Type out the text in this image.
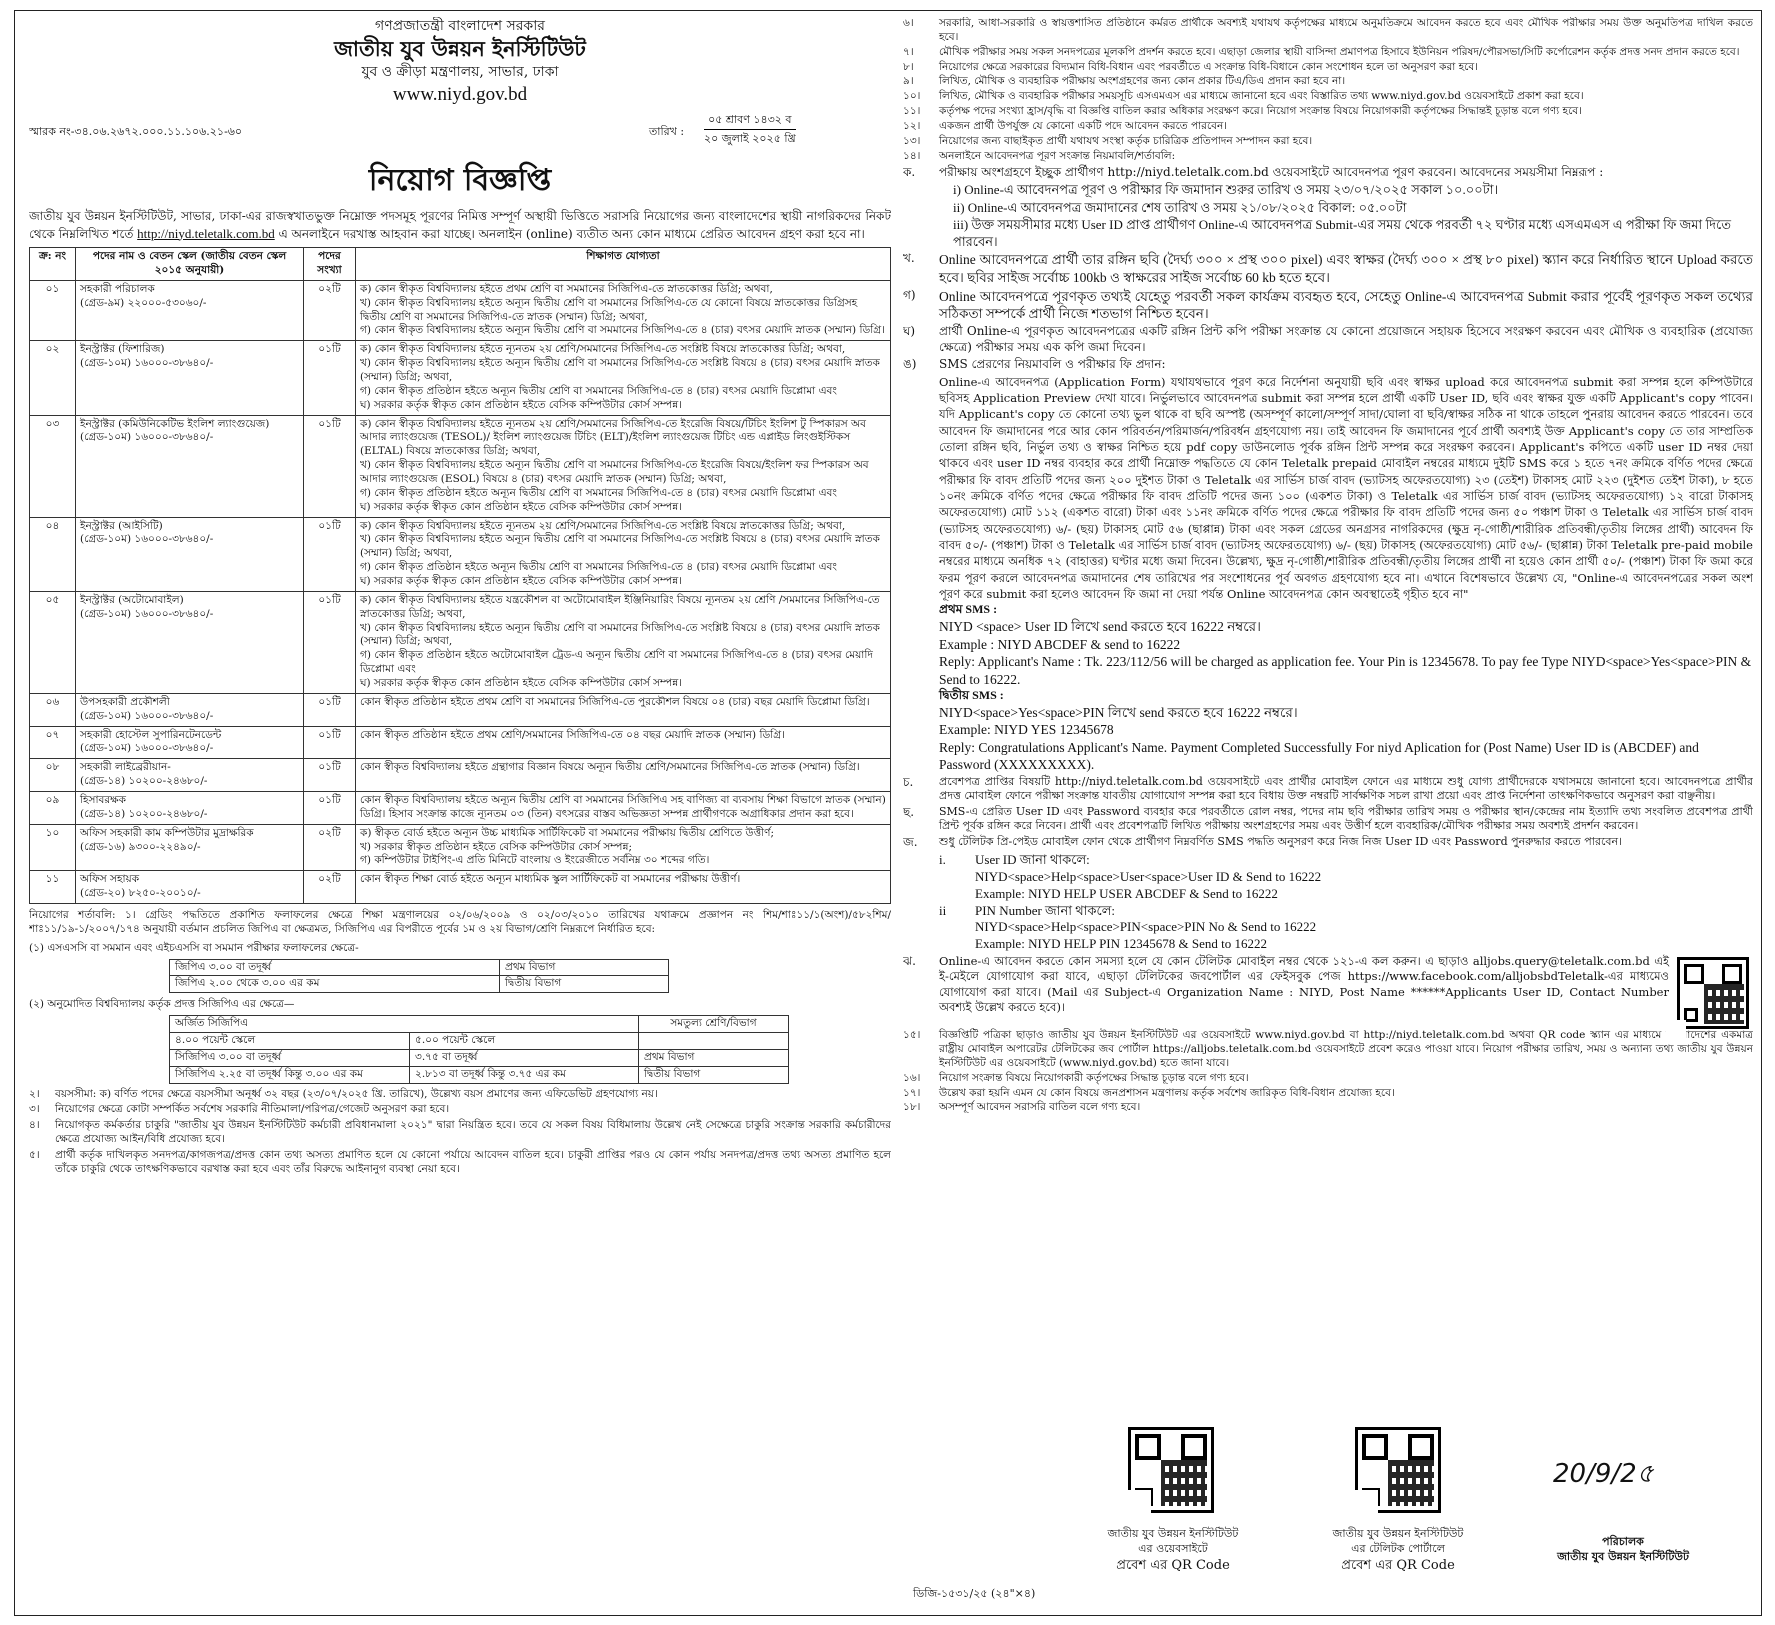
গণপ্রজাতন্ত্রী বাংলাদেশ সরকার
জাতীয় যুব উন্নয়ন ইনস্টিটিউট
যুব ও ক্রীড়া মন্ত্রণালয়, সাভার, ঢাকা
www.niyd.gov.bd
স্মারক নং-৩৪.০৬.২৬৭২.০০০.১১.১০৬.২১-৬০	তারিখ :
০৫ শ্রাবণ ১৪৩২ ব
২০ জুলাই ২০২৫ খ্রি
নিয়োগ বিজ্ঞপ্তি
জাতীয় যুব উন্নয়ন ইনস্টিটিউট, সাভার, ঢাকা-এর রাজস্বখাতভুক্ত নিম্নোক্ত পদসমূহ পূরণের নিমিত্ত সম্পূর্ণ অস্থায়ী ভিত্তিতে সরাসরি নিয়োগের জন্য বাংলাদেশের স্থায়ী নাগরিকদের নিকট থেকে নিম্নলিখিত শর্তে http://niyd.teletalk.com.bd এ অনলাইনে দরখাস্ত আহবান করা যাচ্ছে। অনলাইন (online) ব্যতীত অন্য কোন মাধ্যমে প্রেরিত আবেদন গ্রহণ করা হবে না।
ক্র: নং	পদের নাম ও বেতন স্কেল (জাতীয় বেতন স্কেল ২০১৫ অনুযায়ী)	পদের সংখ্যা	শিক্ষাগত যোগ্যতা
০১	সহকারী পরিচালক
(গ্রেড-৯ম) ২২০০০-৫৩০৬০/-	০২টি	ক) কোন স্বীকৃত বিশ্ববিদ্যালয় হইতে প্রথম শ্রেণি বা সমমানের সিজিপিএ-তে স্নাতকোত্তর ডিগ্রি; অথবা,
খ) কোন স্বীকৃত বিশ্ববিদ্যালয় হইতে অন্যূন দ্বিতীয় শ্রেণি বা সমমানের সিজিপিএ-তে যে কোনো বিষয়ে স্নাতকোত্তর ডিগ্রিসহ দ্বিতীয় শ্রেণি বা সমমানের সিজিপিএ-তে স্নাতক (সম্মান) ডিগ্রি; অথবা,
গ) কোন স্বীকৃত বিশ্ববিদ্যালয় হইতে অন্যূন দ্বিতীয় শ্রেণি বা সমমানের সিজিপিএ-তে ৪ (চার) বৎসর মেয়াদি স্নাতক (সম্মান) ডিগ্রি।

০২	ইনস্ট্রাক্টর (ফিশারিজ)
(গ্রেড-১০ম) ১৬০০০-৩৮৬৪০/-	০১টি	ক) কোন স্বীকৃত বিশ্ববিদ্যালয় হইতে ন্যূনতম ২য় শ্রেণি/সমমানের সিজিপিএ-তে সংশ্লিষ্ট বিষয়ে স্নাতকোত্তর ডিগ্রি; অথবা,
খ) কোন স্বীকৃত বিশ্ববিদ্যালয় হইতে অন্যূন দ্বিতীয় শ্রেণি বা সমমানের সিজিপিএ-তে সংশ্লিষ্ট বিষয়ে ৪ (চার) বৎসর মেয়াদি স্নাতক (সম্মান) ডিগ্রি; অথবা,
গ) কোন স্বীকৃত প্রতিষ্ঠান হইতে অন্যূন দ্বিতীয় শ্রেণি বা সমমানের সিজিপিএ-তে ৪ (চার) বৎসর মেয়াদি ডিপ্লোমা এবং
ঘ) সরকার কর্তৃক স্বীকৃত কোন প্রতিষ্ঠান হইতে বেসিক কম্পিউটার কোর্স সম্পন্ন।

০৩	ইনস্ট্রাক্টর (কমিউনিকেটিভ ইংলিশ ল্যাংগুয়েজ)
(গ্রেড-১০ম) ১৬০০০-৩৮৬৪০/-	০১টি	ক) কোন স্বীকৃত বিশ্ববিদ্যালয় হইতে ন্যূনতম ২য় শ্রেণি/সমমানের সিজিপিএ-তে ইংরেজি বিষয়ে/টিচিং ইংলিশ টু স্পিকারস অব আদার ল্যাংগুয়েজ (TESOL)/ ইংলিশ ল্যাংগুয়েজ টিচিং (ELT)/ইংলিশ ল্যাংগুয়েজ টিচিং এন্ড এপ্লাইড লিংগুইস্টিকস (ELTAL) বিষয়ে স্নাতকোত্তর ডিগ্রি; অথবা,
খ) কোন স্বীকৃত বিশ্ববিদ্যালয় হইতে অন্যূন দ্বিতীয় শ্রেণি বা সমমানের সিজিপিএ-তে ইংরেজি বিষয়ে/ইংলিশ ফর স্পিকারস অব আদার ল্যাংগুয়েজ (ESOL) বিষয়ে ৪ (চার) বৎসর মেয়াদি স্নাতক (সম্মান) ডিগ্রি; অথবা,
গ) কোন স্বীকৃত প্রতিষ্ঠান হইতে অন্যূন দ্বিতীয় শ্রেণি বা সমমানের সিজিপিএ-তে ৪ (চার) বৎসর মেয়াদি ডিপ্লোমা এবং
ঘ) সরকার কর্তৃক স্বীকৃত কোন প্রতিষ্ঠান হইতে বেসিক কম্পিউটার কোর্স সম্পন্ন।

০৪	ইনস্ট্রাক্টর (আইসিটি)
(গ্রেড-১০ম) ১৬০০০-৩৮৬৪০/-	০১টি	ক) কোন স্বীকৃত বিশ্ববিদ্যালয় হইতে ন্যূনতম ২য় শ্রেণি/সমমানের সিজিপিএ-তে সংশ্লিষ্ট বিষয়ে স্নাতকোত্তর ডিগ্রি; অথবা,
খ) কোন স্বীকৃত বিশ্ববিদ্যালয় হইতে অন্যূন দ্বিতীয় শ্রেণি বা সমমানের সিজিপিএ-তে সংশ্লিষ্ট বিষয়ে ৪ (চার) বৎসর মেয়াদি স্নাতক (সম্মান) ডিগ্রি; অথবা,
গ) কোন স্বীকৃত প্রতিষ্ঠান হইতে অন্যূন দ্বিতীয় শ্রেণি বা সমমানের সিজিপিএ-তে ৪ (চার) বৎসর মেয়াদি ডিপ্লোমা এবং
ঘ) সরকার কর্তৃক স্বীকৃত কোন প্রতিষ্ঠান হইতে বেসিক কম্পিউটার কোর্স সম্পন্ন।

০৫	ইনস্ট্রাক্টর (অটোমোবাইল)
(গ্রেড-১০ম) ১৬০০০-৩৮৬৪০/-	০১টি	ক) কোন স্বীকৃত বিশ্ববিদ্যালয় হইতে যন্ত্রকৌশল বা অটোমোবাইল ইঞ্জিনিয়ারিং বিষয়ে ন্যূনতম ২য় শ্রেণি /সমমানের সিজিপিএ-তে স্নাতকোত্তর ডিগ্রি; অথবা,
খ) কোন স্বীকৃত বিশ্ববিদ্যালয় হইতে অন্যূন দ্বিতীয় শ্রেণি বা সমমানের সিজিপিএ-তে সংশ্লিষ্ট বিষয়ে ৪ (চার) বৎসর মেয়াদি স্নাতক (সম্মান) ডিগ্রি; অথবা,
গ) কোন স্বীকৃত প্রতিষ্ঠান হইতে অটোমোবাইল ট্রেড-এ অন্যূন দ্বিতীয় শ্রেণি বা সমমানের সিজিপিএ-তে ৪ (চার) বৎসর মেয়াদি ডিপ্লোমা এবং
ঘ) সরকার কর্তৃক স্বীকৃত কোন প্রতিষ্ঠান হইতে বেসিক কম্পিউটার কোর্স সম্পন্ন।

০৬	উপসহকারী প্রকৌশলী
(গ্রেড-১০ম) ১৬০০০-৩৮৬৪০/-	০১টি	কোন স্বীকৃত প্রতিষ্ঠান হইতে প্রথম শ্রেণি বা সমমানের সিজিপিএ-তে পুরকৌশল বিষয়ে ০৪ (চার) বছর মেয়াদি ডিপ্লোমা ডিগ্রি।

০৭	সহকারী হোস্টেল সুপারিনটেনডেন্ট
(গ্রেড-১০ম) ১৬০০০-৩৮৬৪০/-	০১টি	কোন স্বীকৃত প্রতিষ্ঠান হইতে প্রথম শ্রেণি/সমমানের সিজিপিএ-তে ০৪ বছর মেয়াদি স্নাতক (সম্মান) ডিগ্রি।

০৮	সহকারী লাইব্রেরীয়ান-
(গ্রেড-১৪) ১০২০০-২৪৬৮০/-	০১টি	কোন স্বীকৃত বিশ্ববিদ্যালয় হইতে গ্রন্থাগার বিজ্ঞান বিষয়ে অন্যূন দ্বিতীয় শ্রেণি/সমমানের সিজিপিএ-তে স্নাতক (সম্মান) ডিগ্রি।

০৯	হিসাবরক্ষক
(গ্রেড-১৪) ১০২০০-২৪৬৮০/-	০১টি	কোন স্বীকৃত বিশ্ববিদ্যালয় হইতে অন্যূন দ্বিতীয় শ্রেণি বা সমমানের সিজিপিএ সহ বাণিজ্য বা ব্যবসায় শিক্ষা বিভাগে স্নাতক (সম্মান) ডিগ্রি। হিসাব সংক্রান্ত কাজে ন্যূনতম ০৩ (তিন) বৎসরের বাস্তব অভিজ্ঞতা সম্পন্ন প্রার্থীগণকে অগ্রাধিকার প্রদান করা হবে।

১০	অফিস সহকারী কাম কম্পিউটার মুদ্রাক্ষরিক
(গ্রেড-১৬) ৯৩০০-২২৪৯০/-	০২টি	ক) স্বীকৃত বোর্ড হইতে অন্যূন উচ্চ মাধ্যমিক সার্টিফিকেট বা সমমানের পরীক্ষায় দ্বিতীয় শ্রেণিতে উত্তীর্ণ;
খ) সরকার স্বীকৃত প্রতিষ্ঠান হইতে বেসিক কম্পিউটার কোর্স সম্পন্ন;
গ) কম্পিউটার টাইপিং-এ প্রতি মিনিটে বাংলায় ও ইংরেজীতে সর্বনিম্ন ৩০ শব্দের গতি।

১১	অফিস সহায়ক
(গ্রেড-২০) ৮২৫০-২০০১০/-	০২টি	কোন স্বীকৃত শিক্ষা বোর্ড হইতে অন্যূন মাধ্যমিক স্কুল সার্টিফিকেট বা সমমানের পরীক্ষায় উত্তীর্ণ।
নিয়োগের শর্তাবলি: ১। গ্রেডিং পদ্ধতিতে প্রকাশিত ফলাফলের ক্ষেত্রে শিক্ষা মন্ত্রণালয়ের ০২/০৬/২০০৯ ও ০২/০৩/২০১০ তারিখের যথাক্রমে প্রজ্ঞাপন নং শিম/শাঃ১১/১(অংশ)/৫৮২শিম/শাঃ১১/১৯-১/২০০৭/১৭৪ অনুযায়ী বর্তমান প্রচলিত জিপিএ বা ক্ষেত্রমত, সিজিপিএ এর বিপরীতে পূর্বের ১ম ও ২য় বিভাগ/শ্রেণি নিম্নরূপে নির্ধারিত হবে:
(১) এসএসসি বা সমমান এবং এইচএসসি বা সমমান পরীক্ষার ফলাফলের ক্ষেত্রে-
জিপিএ ৩.০০ বা তদূর্ধ্ব	প্রথম বিভাগ
জিপিএ ২.০০ থেকে ৩.০০ এর কম	দ্বিতীয় বিভাগ
(২) অনুমোদিত বিশ্ববিদ্যালয় কর্তৃক প্রদত্ত সিজিপিএ এর ক্ষেত্রে—
অর্জিত সিজিপিএ		সমতুল্য শ্রেণি/বিভাগ
৪.০০ পয়েন্ট স্কেলে	৫.০০ পয়েন্ট স্কেলে	
সিজিপিএ ৩.০০ বা তদূর্ধ্ব	৩.৭৫ বা তদূর্ধ্ব	প্রথম বিভাগ
সিজিপিএ ২.২৫ বা তদূর্ধ্ব কিন্তু ৩.০০ এর কম	২.৮১৩ বা তদূর্ধ্ব কিন্তু ৩.৭৫ এর কম	দ্বিতীয় বিভাগ
২।	বয়সসীমা: ক) বর্ণিত পদের ক্ষেত্রে বয়সসীমা অনূর্ধ্ব ৩২ বছর (২৩/০৭/২০২৫ খ্রি. তারিখে), উল্লেখ্য বয়স প্রমাণের জন্য এফিডেভিট গ্রহণযোগ্য নয়।
৩।	নিয়োগের ক্ষেত্রে কোটা সম্পর্কিত সর্বশেষ সরকারি নীতিমালা/পরিপত্র/গেজেট অনুসরণ করা হবে।
৪।	নিয়োগকৃত কর্মকর্তার চাকুরি "জাতীয় যুব উন্নয়ন ইনস্টিটিউট কর্মচারী প্রবিধানমালা ২০২১" দ্বারা নিয়ন্ত্রিত হবে। তবে যে সকল বিষয় বিধিমালায় উল্লেখ নেই সেক্ষেত্রে চাকুরি সংক্রান্ত সরকারি কর্মচারীদের ক্ষেত্রে প্রযোজ্য আইন/বিধি প্রযোজ্য হবে।
৫।	প্রার্থী কর্তৃক দাখিলকৃত সনদপত্র/কাগজপত্র/প্রদত্ত কোন তথ্য অসত্য প্রমাণিত হলে যে কোনো পর্যায়ে আবেদন বাতিল হবে। চাকুরী প্রাপ্তির পরও যে কোন পর্যায় সনদপত্র/প্রদত্ত তথ্য অসত্য প্রমাণিত হলে তাঁকে চাকুরি থেকে তাৎক্ষণিকভাবে বরখাস্ত করা হবে এবং তাঁর বিরুদ্ধে আইনানুগ ব্যবস্থা নেয়া হবে।
৬।	সরকারি, আধা-সরকারি ও স্বায়ত্তশাসিত প্রতিষ্ঠানে কর্মরত প্রার্থীকে অবশ্যই যথাযথ কর্তৃপক্ষের মাধ্যমে অনুমতিক্রমে আবেদন করতে হবে এবং মৌখিক পরীক্ষার সময় উক্ত অনুমতিপত্র দাখিল করতে হবে।
৭।	মৌখিক পরীক্ষার সময় সকল সনদপত্রের মূলকপি প্রদর্শন করতে হবে। এছাড়া জেলার স্থায়ী বাসিন্দা প্রমাণপত্র হিসাবে ইউনিয়ন পরিষদ/পৌরসভা/সিটি কর্পোরেশন কর্তৃক প্রদত্ত সনদ প্রদান করতে হবে।
৮।	নিয়োগের ক্ষেত্রে সরকারের বিদ্যমান বিধি-বিধান এবং পরবর্তীতে এ সংক্রান্ত বিধি-বিধানে কোন সংশোধন হলে তা অনুসরণ করা হবে।
৯।	লিখিত, মৌখিক ও ব্যবহারিক পরীক্ষায় অংশগ্রহণের জন্য কোন প্রকার টিএ/ডিএ প্রদান করা হবে না।
১০।	লিখিত, মৌখিক ও ব্যবহারিক পরীক্ষার সময়সূচি এসএমএস এর মাধ্যমে জানানো হবে এবং বিস্তারিত তথ্য www.niyd.gov.bd ওয়েবসাইটে প্রকাশ করা হবে।
১১।	কর্তৃপক্ষ পদের সংখ্যা হ্রাস/বৃদ্ধি বা বিজ্ঞপ্তি বাতিল করার অধিকার সংরক্ষণ করে। নিয়োগ সংক্রান্ত বিষয়ে নিয়োগকারী কর্তৃপক্ষের সিদ্ধান্তই চূড়ান্ত বলে গণ্য হবে।
১২।	একজন প্রার্থী উপর্যুক্ত যে কোনো একটি পদে আবেদন করতে পারবেন।
১৩।	নিয়োগের জন্য বাছাইকৃত প্রার্থী যথাযথ সংস্থা কর্তৃক চারিত্রিক প্রতিপাদন সম্পাদন করা হবে।
১৪।	অনলাইনে আবেদনপত্র পূরণ সংক্রান্ত নিয়মাবলি/শর্তাবলি:
ক.	পরীক্ষায় অংশগ্রহণে ইচ্ছুক প্রার্থীগণ http://niyd.teletalk.com.bd ওয়েবসাইটে আবেদনপত্র পূরণ করবেন। আবেদনের সময়সীমা নিম্নরূপ :
i) Online-এ আবেদনপত্র পূরণ ও পরীক্ষার ফি জমাদান শুরুর তারিখ ও সময় ২৩/০৭/২০২৫ সকাল ১০.০০টা।
ii) Online-এ আবেদনপত্র জমাদানের শেষ তারিখ ও সময় ২১/০৮/২০২৫ বিকাল: ০৫.০০টা
iii) উক্ত সময়সীমার মধ্যে User ID প্রাপ্ত প্রার্থীগণ Online-এ আবেদনপত্র Submit-এর সময় থেকে পরবর্তী ৭২ ঘণ্টার মধ্যে এসএমএস এ পরীক্ষা ফি জমা দিতে পারবেন।
খ.	Online আবেদনপত্রে প্রার্থী তার রঙ্গিন ছবি (দৈর্ঘ্য ৩০০ × প্রস্থ ৩০০ pixel) এবং স্বাক্ষর (দৈর্ঘ্য ৩০০ × প্রস্থ ৮০ pixel) স্ক্যান করে নির্ধারিত স্থানে Upload করতে হবে। ছবির সাইজ সর্বোচ্চ 100kb ও স্বাক্ষরের সাইজ সর্বোচ্চ 60 kb হতে হবে।
গ)	Online আবেদনপত্রে পূরণকৃত তথ্যই যেহেতু পরবর্তী সকল কার্যক্রম ব্যবহৃত হবে, সেহেতু Online-এ আবেদনপত্র Submit করার পূর্বেই পূরণকৃত সকল তথ্যের সঠিকতা সম্পর্কে প্রার্থী নিজে শতভাগ নিশ্চিত হবেন।
ঘ)	প্রার্থী Online-এ পূরণকৃত আবেদনপত্রের একটি রঙ্গিন প্রিন্ট কপি পরীক্ষা সংক্রান্ত যে কোনো প্রয়োজনে সহায়ক হিসেবে সংরক্ষণ করবেন এবং মৌখিক ও ব্যবহারিক (প্রযোজ্য ক্ষেত্রে) পরীক্ষার সময় এক কপি জমা দিবেন।
ঙ)	SMS প্রেরণের নিয়মাবলি ও পরীক্ষার ফি প্রদান:
Online-এ আবেদনপত্র (Application Form) যথাযথভাবে পূরণ করে নির্দেশনা অনুযায়ী ছবি এবং স্বাক্ষর upload করে আবেদনপত্র submit করা সম্পন্ন হলে কম্পিউটারে ছবিসহ Application Preview দেখা যাবে। নির্ভুলভাবে আবেদনপত্র submit করা সম্পন্ন হলে প্রার্থী একটি User ID, ছবি এবং স্বাক্ষর যুক্ত একটি Applicant's copy পাবেন। যদি Applicant's copy তে কোনো তথ্য ভুল থাকে বা ছবি অস্পষ্ট (অসম্পূর্ণ কালো/সম্পূর্ণ সাদা/ঘোলা বা ছবি/স্বাক্ষর সঠিক না থাকে তাহলে পুনরায় আবেদন করতে পারবেন। তবে আবেদন ফি জমাদানের পরে আর কোন পরিবর্তন/পরিমার্জন/পরিবর্ধন গ্রহণযোগ্য নয়। তাই আবেদন ফি জমাদানের পূর্বে প্রার্থী অবশ্যই উক্ত Applicant's copy তে তার সাম্প্রতিক তোলা রঙ্গিন ছবি, নির্ভুল তথ্য ও স্বাক্ষর নিশ্চিত হয়ে pdf copy ডাউনলোড পূর্বক রঙ্গিন প্রিন্ট সম্পন্ন করে সংরক্ষণ করবেন। Applicant's কপিতে একটি user ID নম্বর দেয়া থাকবে এবং user ID নম্বর ব্যবহার করে প্রার্থী নিম্নোক্ত পদ্ধতিতে যে কোন Teletalk prepaid মোবাইল নম্বরের মাধ্যমে দুইটি SMS করে ১ হতে ৭নং ক্রমিকে বর্ণিত পদের ক্ষেত্রে পরীক্ষার ফি বাবদ প্রতিটি পদের জন্য ২০০ দুইশত টাকা ও Teletalk এর সার্ভিস চার্জ বাবদ (ভ্যাটসহ অফেরতযোগ্য) ২৩ (তেইশ) টাকাসহ মোট ২২৩ (দুইশত তেইশ টাকা), ৮ হতে ১০নং ক্রমিকে বর্ণিত পদের ক্ষেত্রে পরীক্ষার ফি বাবদ প্রতিটি পদের জন্য ১০০ (একশত টাকা) ও Teletalk এর সার্ভিস চার্জ বাবদ (ভ্যাটসহ অফেরতযোগ্য) ১২ বারো টাকাসহ অফেরতযোগ্য) মোট ১১২ (একশত বারো) টাকা এবং ১১নং ক্রমিকে বর্ণিত পদের ক্ষেত্রে পরীক্ষার ফি বাবদ প্রতিটি পদের জন্য ৫০ পঞ্চাশ টাকা ও Teletalk এর সার্ভিস চার্জ বাবদ (ভ্যাটসহ অফেরতযোগ্য) ৬/- (ছয়) টাকাসহ মোট ৫৬ (ছাপ্পান্ন) টাকা এবং সকল গ্রেডের অনগ্রসর নাগরিকদের (ক্ষুদ্র নৃ-গোষ্ঠী/শারীরিক প্রতিবন্ধী/তৃতীয় লিঙ্গের প্রার্থী) আবেদন ফি বাবদ ৫০/- (পঞ্চাশ) টাকা ও Teletalk এর সার্ভিস চার্জ বাবদ (ভ্যাটসহ অফেরতযোগ্য) ৬/- (ছয়) টাকাসহ (অফেরতযোগ্য) মোট ৫৬/- (ছাপ্পান্ন) টাকা Teletalk pre-paid mobile নম্বরের মাধ্যমে অনধিক ৭২ (বাহাত্তর) ঘণ্টার মধ্যে জমা দিবেন। উল্লেখ্য, ক্ষুদ্র নৃ-গোষ্ঠী/শারীরিক প্রতিবন্ধী/তৃতীয় লিঙ্গের প্রার্থী না হয়েও কোন প্রার্থী ৫০/- (পঞ্চাশ) টাকা ফি জমা করে ফরম পূরণ করলে আবেদনপত্র জমাদানের শেষ তারিখের পর সংশোধনের পূর্ব অবগত গ্রহণযোগ্য হবে না। এখানে বিশেষভাবে উল্লেখ্য যে, "Online-এ আবেদনপত্রের সকল অংশ পূরণ করে submit করা হলেও আবেদন ফি জমা না দেয়া পর্যন্ত Online আবেদনপত্র কোন অবস্থাতেই গৃহীত হবে না"
প্রথম SMS :
NIYD <space> User ID লিখে send করতে হবে 16222 নম্বরে।
Example : NIYD ABCDEF & send to 16222
Reply: Applicant's Name : Tk. 223/112/56 will be charged as application fee. Your Pin is 12345678. To pay fee Type NIYD<space>Yes<space>PIN & Send to 16222.
দ্বিতীয় SMS :
NIYD<space>Yes<space>PIN লিখে send করতে হবে 16222 নম্বরে।
Example: NIYD YES 12345678
Reply: Congratulations Applicant's Name. Payment Completed Successfully For niyd Aplication for (Post Name) User ID is (ABCDEF) and Password (XXXXXXXXX).
চ.	প্রবেশপত্র প্রাপ্তির বিষয়টি http://niyd.teletalk.com.bd ওয়েবসাইটে এবং প্রার্থীর মোবাইল ফোনে এর মাধ্যমে শুধু যোগ্য প্রার্থীদেরকে যথাসময়ে জানানো হবে। আবেদনপত্রে প্রার্থীর প্রদত্ত মোবাইল ফোনে পরীক্ষা সংক্রান্ত যাবতীয় যোগাযোগ সম্পন্ন করা হবে বিধায় উক্ত নম্বরটি সার্বক্ষণিক সচল রাখা প্রয়ো এবং প্রাপ্ত নির্দেশনা তাৎক্ষণিকভাবে অনুসরণ করা বাঞ্ছনীয়।
ছ.	SMS-এ প্রেরিত User ID এবং Password ব্যবহার করে পরবর্তীতে রোল নম্বর, পদের নাম ছবি পরীক্ষার তারিখ সময় ও পরীক্ষার স্থান/কেন্দ্রের নাম ইত্যাদি তথ্য সংবলিত প্রবেশপত্র প্রার্থী প্রিন্ট পূর্বক রঙ্গিন করে নিবেন। প্রার্থী এবং প্রবেশপত্রটি লিখিত পরীক্ষায় অংশগ্রহণের সময় এবং উত্তীর্ণ হলে ব্যবহারিক/মৌখিক পরীক্ষার সময় অবশ্যই প্রদর্শন করবেন।
জ.	শুধু টেলিটক প্রি-পেইড মোবাইল ফোন থেকে প্রার্থীগণ নিম্নবর্ণিত SMS পদ্ধতি অনুসরণ করে নিজ নিজ User ID এবং Password পুনরুদ্ধার করতে পারবেন।
i.	User ID জানা থাকলে:
NIYD<space>Help<space>User<space>User ID & Send to 16222
Example: NIYD HELP USER ABCDEF & Send to 16222
ii	PIN Number জানা থাকলে:
NIYD<space>Help<space>PIN<space>PIN No & Send to 16222
Example: NIYD HELP PIN 12345678 & Send to 16222
ঝ.	Online-এ আবেদন করতে কোন সমস্যা হলে যে কোন টেলিটক মোবাইল নম্বর থেকে ১২১-এ কল করুন। এ ছাড়াও alljobs.query@teletalk.com.bd এই ই-মেইলে যোগাযোগ করা যাবে, এছাড়া টেলিটকের জবপোর্টাল এর ফেইসবুক পেজ https://www.facebook.com/alljobsbdTeletalk-এর মাধ্যমেও যোগাযোগ করা যাবে। (Mail এর Subject-এ Organization Name : NIYD, Post Name ******Applicants User ID, Contact Number অবশ্যই উল্লেখ করতে হবে)।
১৫।	বিজ্ঞপ্তিটি পত্রিকা ছাড়াও জাতীয় যুব উন্নয়ন ইনস্টিটিউট এর ওয়েবসাইটে www.niyd.gov.bd বা http://niyd.teletalk.com.bd অথবা QR code স্ক্যান এর মাধ্যমে বাংলাদেশের একমাত্র রাষ্ট্রীয় মোবাইল অপারেটর টেলিটকের জব পোর্টাল https://alljobs.teletalk.com.bd ওয়েবসাইটে প্রবেশ করেও পাওয়া যাবে। নিয়োগ পরীক্ষার তারিখ, সময় ও অন্যান্য তথ্য জাতীয় যুব উন্নয়ন ইনস্টিটিউট এর ওয়েবসাইটে (www.niyd.gov.bd) হতে জানা যাবে।
১৬।	নিয়োগ সংক্রান্ত বিষয়ে নিয়োগকারী কর্তৃপক্ষের সিদ্ধান্ত চূড়ান্ত বলে গণ্য হবে।
১৭।	উল্লেখ করা হয়নি এমন যে কোন বিষয়ে জনপ্রশাসন মন্ত্রণালয় কর্তৃক সর্বশেষ জারিকৃত বিধি-বিধান প্রযোজ্য হবে।
১৮।	অসম্পূর্ণ আবেদন সরাসরি বাতিল বলে গণ্য হবে।
জাতীয় যুব উন্নয়ন ইনস্টিটিউট
এর ওয়েবসাইটে
প্রবেশ এর QR Code
জাতীয় যুব উন্নয়ন ইনস্টিটিউট
এর টেলিটক পোর্টালে
প্রবেশ এর QR Code
20/9/2৫
পরিচালক
জাতীয় যুব উন্নয়ন ইনস্টিটিউট
ডিজি-১৫৩১/২৫ (২৪"×৪)
